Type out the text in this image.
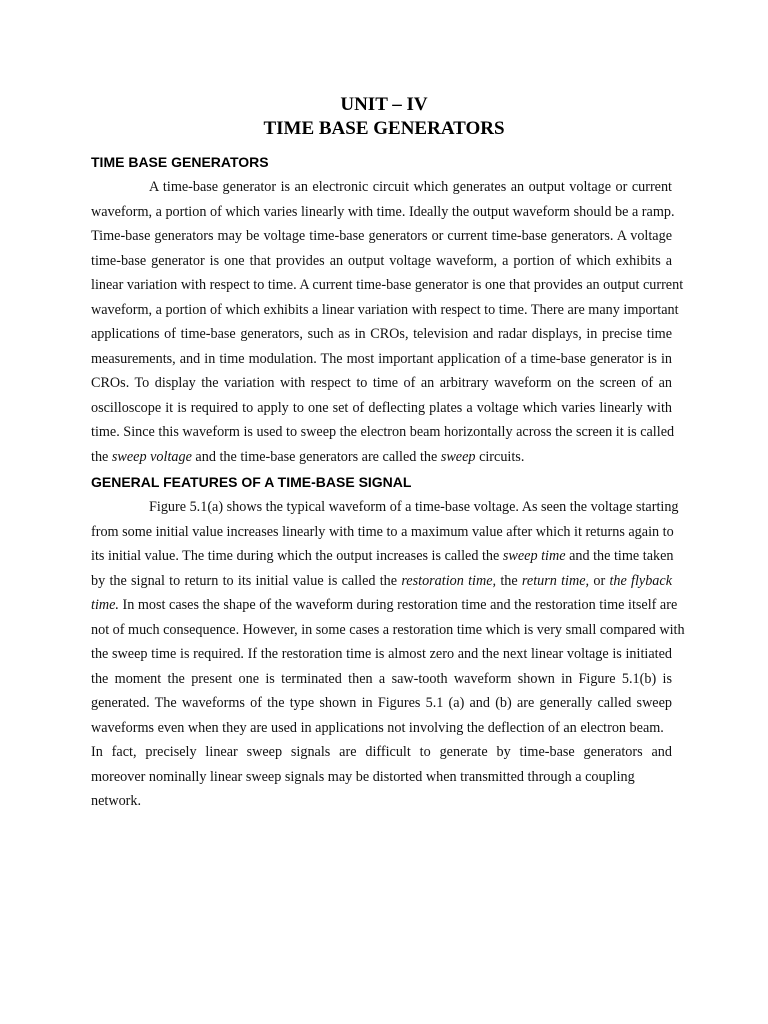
UNIT – IV
TIME BASE GENERATORS
TIME BASE GENERATORS
A time-base generator is an electronic circuit which generates an output voltage or current
waveform, a portion of which varies linearly with time. Ideally the output waveform should be a ramp.
Time-base generators may be voltage time-base generators or current time-base generators. A voltage
time-base generator is one that provides an output voltage waveform, a portion of which exhibits a
linear variation with respect to time. A current time-base generator is one that provides an output current
waveform, a portion of which exhibits a linear variation with respect to time. There are many important
applications of time-base generators, such as in CROs, television and radar displays, in precise time
measurements, and in time modulation. The most important application of a time-base generator is in
CROs. To display the variation with respect to time of an arbitrary waveform on the screen of an
oscilloscope it is required to apply to one set of deflecting plates a voltage which varies linearly with
time. Since this waveform is used to sweep the electron beam horizontally across the screen it is called
the sweep voltage and the time-base generators are called the sweep circuits.
GENERAL FEATURES OF A TIME-BASE SIGNAL
Figure 5.1(a) shows the typical waveform of a time-base voltage. As seen the voltage starting
from some initial value increases linearly with time to a maximum value after which it returns again to
its initial value. The time during which the output increases is called the sweep time and the time taken
by the signal to return to its initial value is called the restoration time, the return time, or the flyback
time. In most cases the shape of the waveform during restoration time and the restoration time itself are
not of much consequence. However, in some cases a restoration time which is very small compared with
the sweep time is required. If the restoration time is almost zero and the next linear voltage is initiated
the moment the present one is terminated then a saw-tooth waveform shown in Figure 5.1(b) is
generated. The waveforms of the type shown in Figures 5.1 (a) and (b) are generally called sweep
waveforms even when they are used in applications not involving the deflection of an electron beam.
In fact, precisely linear sweep signals are difficult to generate by time-base generators and
moreover nominally linear sweep signals may be distorted when transmitted through a coupling
network.
